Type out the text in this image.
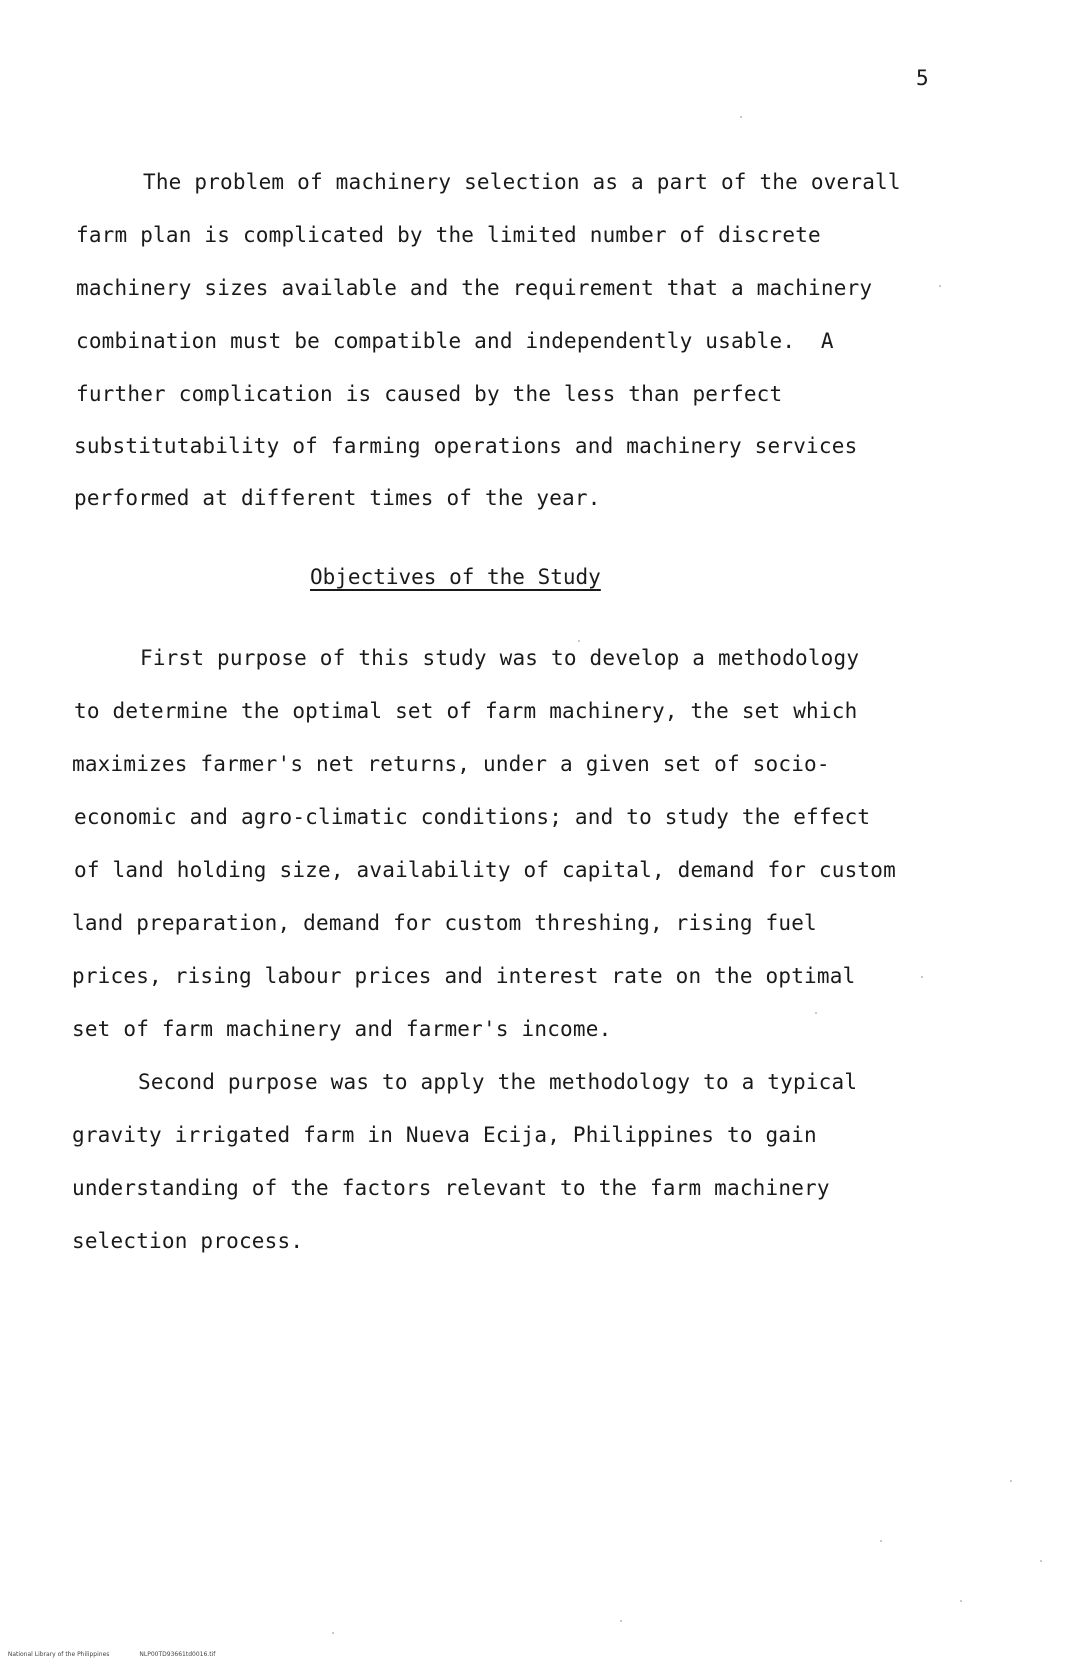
5
The problem of machinery selection as a part of the overall
farm plan is complicated by the limited number of discrete
machinery sizes available and the requirement that a machinery
combination must be compatible and independently usable.  A
further complication is caused by the less than perfect
substitutability of farming operations and machinery services
performed at different times of the year.
Objectives of the Study
First purpose of this study was to develop a methodology
to determine the optimal set of farm machinery, the set which
maximizes farmer's net returns, under a given set of socio-
economic and agro-climatic conditions; and to study the effect
of land holding size, availability of capital, demand for custom
land preparation, demand for custom threshing, rising fuel
prices, rising labour prices and interest rate on the optimal
set of farm machinery and farmer's income.
Second purpose was to apply the methodology to a typical
gravity irrigated farm in Nueva Ecija, Philippines to gain
understanding of the factors relevant to the farm machinery
selection process.

National Library of the Philippines	NLP00TD93661td0016.tif
